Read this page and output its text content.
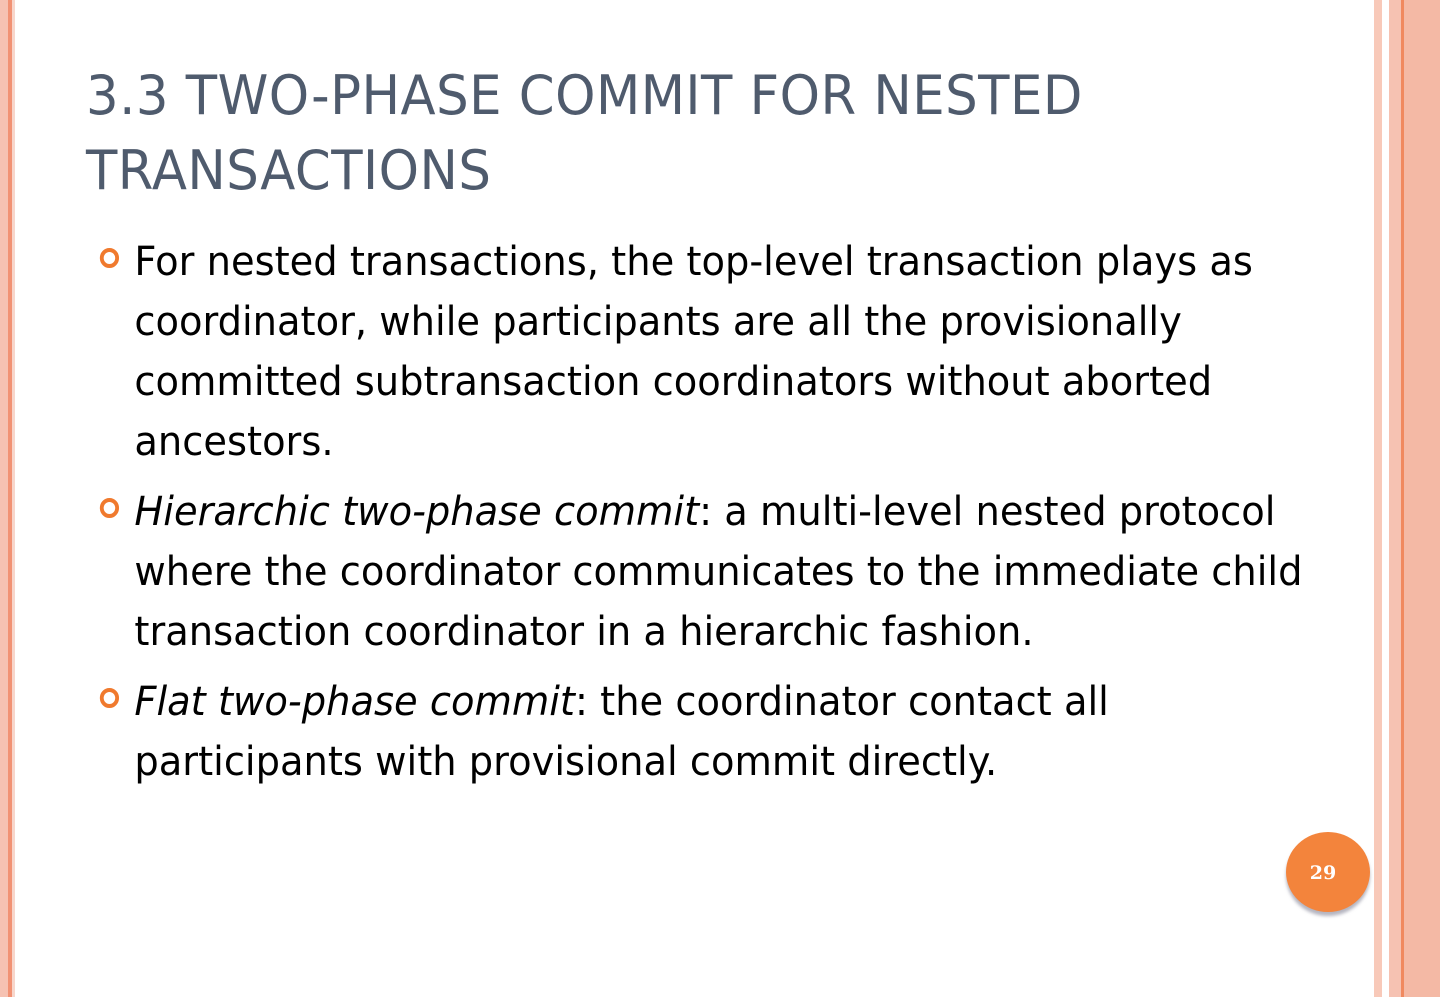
3.3 TWO-PHASE COMMIT FOR NESTED TRANSACTIONS
For nested transactions, the top-level transaction plays as coordinator, while participants are all the provisionally committed subtransaction coordinators without aborted ancestors.
Hierarchic two-phase commit: a multi-level nested protocol where the coordinator communicates to the immediate child transaction coordinator in a hierarchic fashion.
Flat two-phase commit: the coordinator contact all participants with provisional commit directly.
29
